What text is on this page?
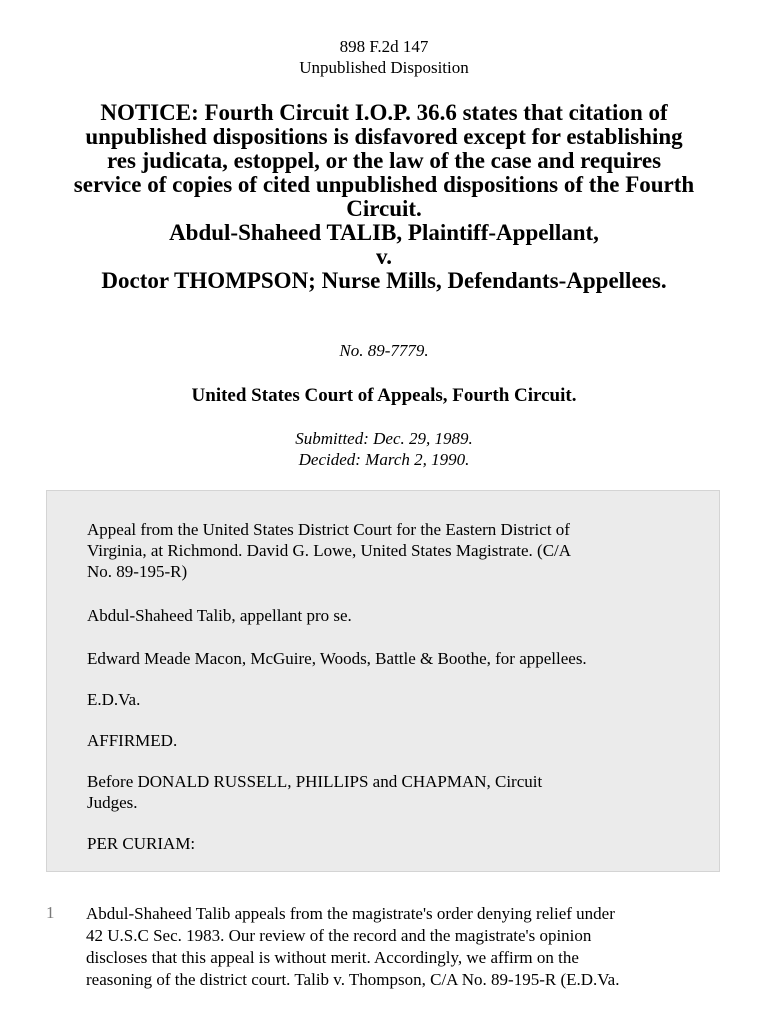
898 F.2d 147
Unpublished Disposition
NOTICE: Fourth Circuit I.O.P. 36.6 states that citation of
unpublished dispositions is disfavored except for establishing
res judicata, estoppel, or the law of the case and requires
service of copies of cited unpublished dispositions of the Fourth
Circuit.
Abdul-Shaheed TALIB, Plaintiff-Appellant,
v.
Doctor THOMPSON; Nurse Mills, Defendants-Appellees.
No. 89-7779.
United States Court of Appeals, Fourth Circuit.
Submitted: Dec. 29, 1989.
Decided: March 2, 1990.

Appeal from the United States District Court for the Eastern District of
Virginia, at Richmond. David G. Lowe, United States Magistrate. (C/A
No. 89-195-R)

Abdul-Shaheed Talib, appellant pro se.

Edward Meade Macon, McGuire, Woods, Battle & Boothe, for appellees.

E.D.Va.

AFFIRMED.

Before DONALD RUSSELL, PHILLIPS and CHAPMAN, Circuit
Judges.

PER CURIAM:

1 Abdul-Shaheed Talib appeals from the magistrate's order denying relief under
42 U.S.C Sec. 1983. Our review of the record and the magistrate's opinion
discloses that this appeal is without merit. Accordingly, we affirm on the
reasoning of the district court. Talib v. Thompson, C/A No. 89-195-R (E.D.Va.
